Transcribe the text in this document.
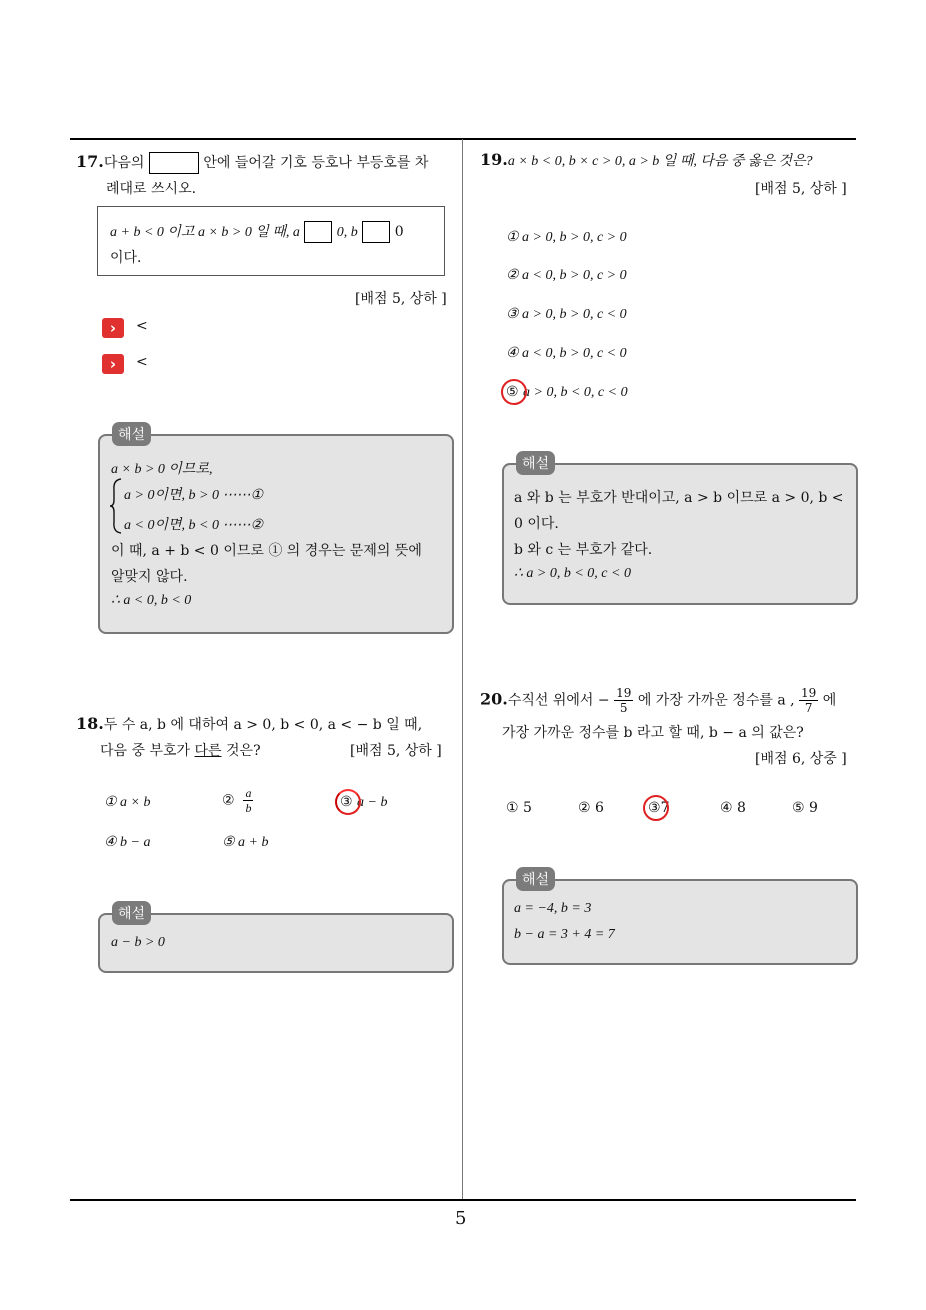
5
17.다음의	안에 들어갈 기호 등호나 부등호를 차
례대로 쓰시오.
a + b < 0 이고 a × b > 0 일 때, a	0, b	0
이다.
[배점 5, 상하 ]
›	<
›	<
a × b > 0 이므로,
a > 0이면, b > 0 ⋯⋯①
a < 0이면, b < 0 ⋯⋯②
이 때, a + b < 0 이므로 ① 의 경우는 문제의 뜻에
알맞지 않다.
∴ a < 0, b < 0
해설
18.두 수 a, b 에 대하여 a > 0, b < 0, a < − b 일 때,
다음 중 부호가 다른 것은?	[배점 5, 상하 ]
① a × b	② $\frac{a}{b}$	③ a − b
④ b − a	⑤ a + b
a − b > 0
해설
19.a × b < 0, b × c > 0, a > b 일 때, 다음 중 옳은 것은?
[배점 5, 상하 ]
① a > 0, b > 0, c > 0
② a < 0, b > 0, c > 0
③ a > 0, b > 0, c < 0
④ a < 0, b > 0, c < 0
⑤ a > 0, b < 0, c < 0
a 와 b 는 부호가 반대이고, a > b 이므로 a > 0, b <
0 이다.
b 와 c 는 부호가 같다.
∴ a > 0, b < 0, c < 0
해설
20.수직선 위에서 − $\frac{19}{5}$ 에 가장 가까운 정수를 a , $\frac{19}{7}$ 에
가장 가까운 정수를 b 라고 할 때, b − a 의 값은?
[배점 6, 상중 ]
① 5	② 6	③7	④ 8	⑤ 9
a = −4, b = 3
b − a = 3 + 4 = 7
해설
